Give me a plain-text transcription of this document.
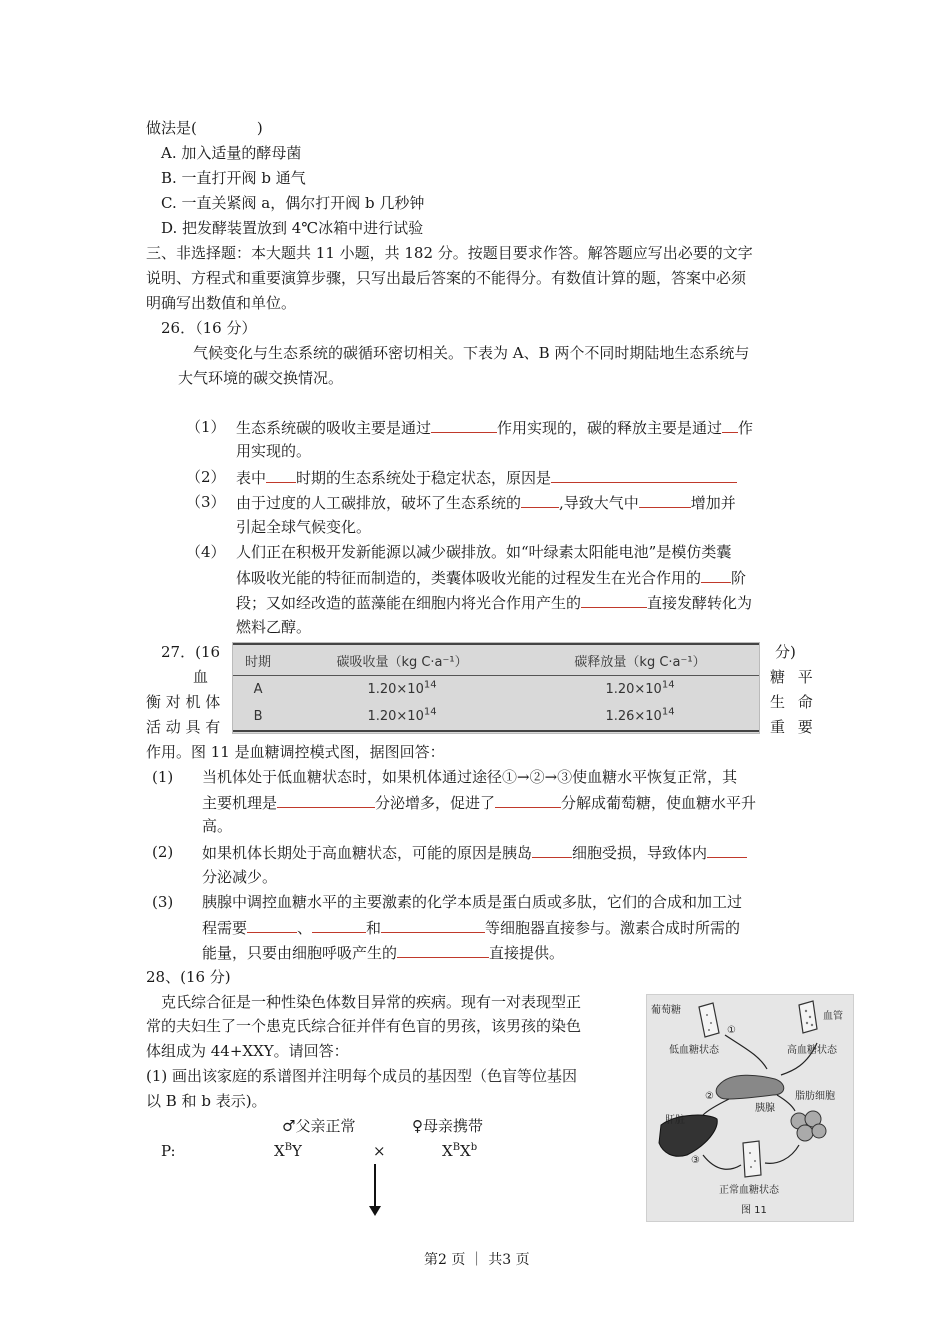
做法是(　　　　)
A. 加入适量的酵母菌
B. 一直打开阀 b 通气
C. 一直关紧阀 a，偶尔打开阀 b 几秒钟
D. 把发酵装置放到 4℃冰箱中进行试验
三、非选择题：本大题共 11 小题，共 182 分。按题目要求作答。解答题应写出必要的文字
说明、方程式和重要演算步骤，只写出最后答案的不能得分。有数值计算的题，答案中必须
明确写出数值和单位。
26．（16 分）
气候变化与生态系统的碳循环密切相关。下表为 A、B 两个不同时期陆地生态系统与
大气环境的碳交换情况。
（1） 生态系统碳的吸收主要是通过	作用实现的，碳的释放主要是通过 作
用实现的。
（2） 表中 时期的生态系统处于稳定状态，原因是
（3） 由于过度的人工碳排放，破坏了生态系统的	,导致大气中	增加并
引起全球气候变化。
（4） 人们正在积极开发新能源以减少碳排放。如“叶绿素太阳能电池”是模仿类囊
体吸收光能的特征而制造的，类囊体吸收光能的过程发生在光合作用的 阶
段；又如经改造的蓝藻能在细胞内将光合作用产生的	直接发酵转化为
燃料乙醇。
时期	碳吸收量（kg C·a⁻¹）	碳释放量（kg C·a⁻¹）
A	$1.20\times 10^{14}$	$1.20\times 10^{14}$
B	$1.20\times 10^{14}$	$1.26\times 10^{14}$
27．(16	分)
血	糖 平
衡 对 机 体	生 命
活 动 具 有	重 要
作用。图 11 是血糖调控模式图，据图回答：
(1) 当机体处于低血糖状态时，如果机体通过途径①→②→③使血糖水平恢复正常，其
主要机理是	分泌增多，促进了	分解成葡萄糖，使血糖水平升
高。
(2) 如果机体长期处于高血糖状态，可能的原因是胰岛	细胞受损，导致体内
分泌减少。
(3) 胰腺中调控血糖水平的主要激素的化学本质是蛋白质或多肽，它们的合成和加工过
程需要	、	和	等细胞器直接参与。激素合成时所需的
能量，只要由细胞呼吸产生的	直接提供。
28、(16 分)
克氏综合征是一种性染色体数目异常的疾病。现有一对表现型正
常的夫妇生了一个患克氏综合征并伴有色盲的男孩，该男孩的染色
体组成为 44+XXY。请回答：
(1) 画出该家庭的系谱图并注明每个成员的基因型（色盲等位基因
以 B 和 b 表示)。
♂父亲正常	♀母亲携带
P:	$X^BY$	×	$X^BX^b$
葡萄糖
血管
①
低血糖状态	高血糖状态
胰腺
②	脂肪细胞
肝脏
③
正常血糖状态
图 11
第2 页 ｜ 共3 页
